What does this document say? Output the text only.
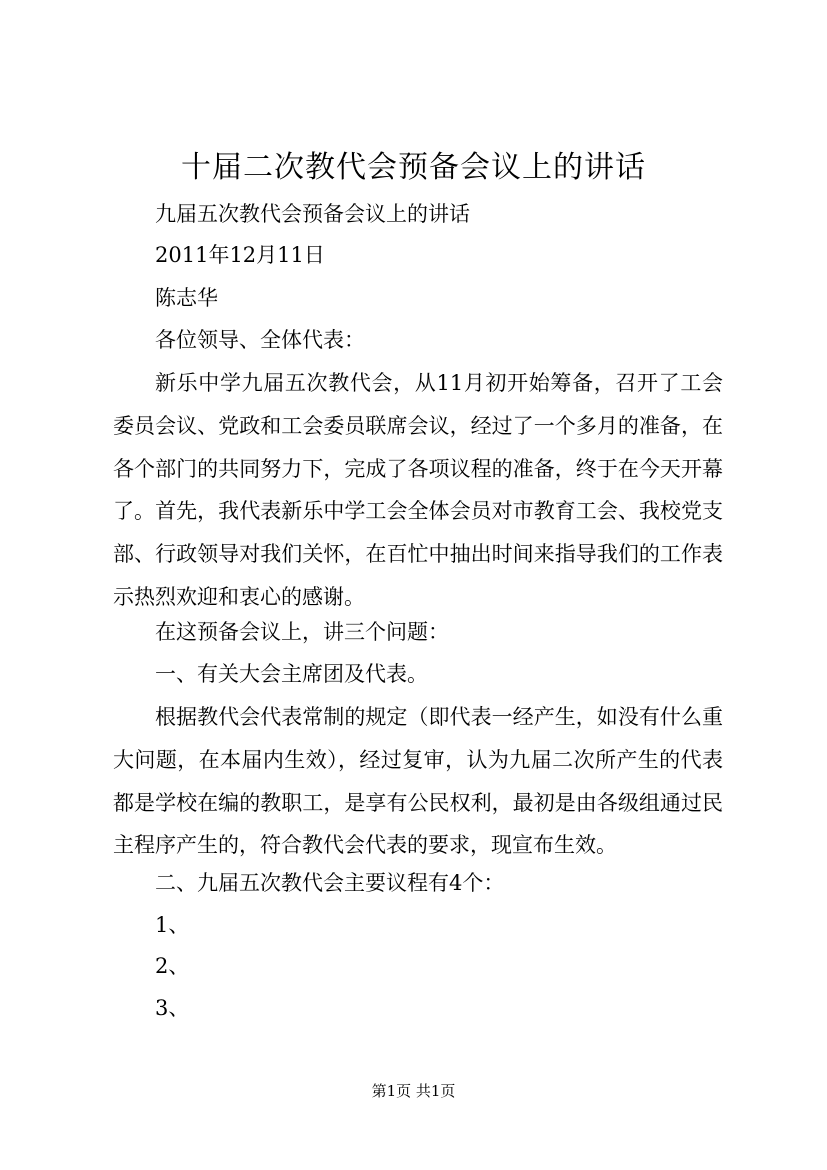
十届二次教代会预备会议上的讲话
九届五次教代会预备会议上的讲话
2011年12月11日
陈志华
各位领导、全体代表：
新乐中学九届五次教代会，从11月初开始筹备，召开了工会委员会议、党政和工会委员联席会议，经过了一个多月的准备，在各个部门的共同努力下，完成了各项议程的准备，终于在今天开幕了。首先，我代表新乐中学工会全体会员对市教育工会、我校党支部、行政领导对我们关怀，在百忙中抽出时间来指导我们的工作表示热烈欢迎和衷心的感谢。
在这预备会议上，讲三个问题：
一、有关大会主席团及代表。
根据教代会代表常制的规定（即代表一经产生，如没有什么重大问题，在本届内生效），经过复审，认为九届二次所产生的代表都是学校在编的教职工，是享有公民权利，最初是由各级组通过民主程序产生的，符合教代会代表的要求，现宣布生效。
二、九届五次教代会主要议程有4个：
1、
2、
3、
第1页 共1页
